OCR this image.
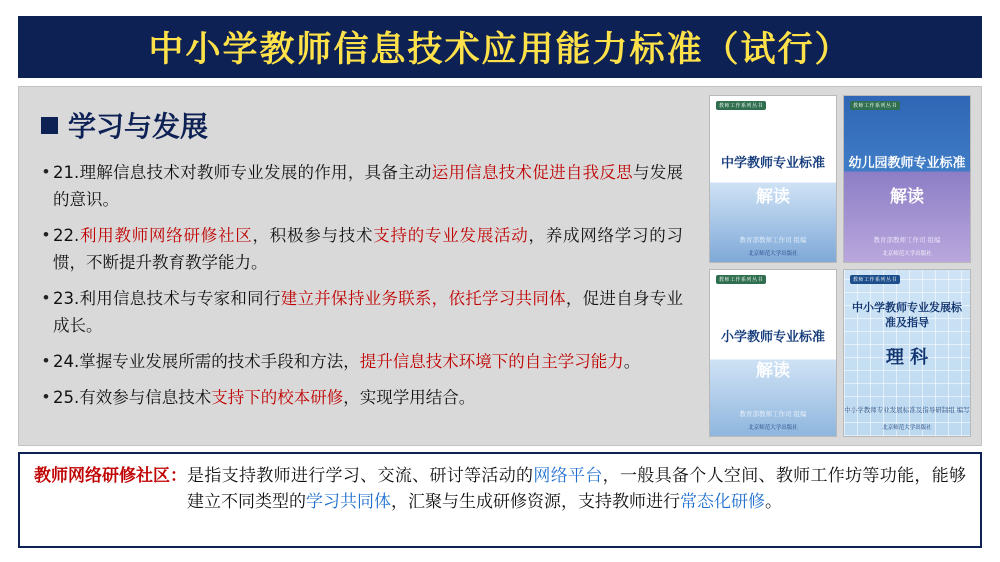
中小学教师信息技术应用能力标准（试行）
学习与发展
• 21.理解信息技术对教师专业发展的作用，具备主动运用信息技术促进自我反思与发展的意识。
• 22.利用教师网络研修社区，积极参与技术支持的专业发展活动，养成网络学习的习惯，不断提升教育教学能力。
• 23.利用信息技术与专家和同行建立并保持业务联系，依托学习共同体，促进自身专业成长。
• 24.掌握专业发展所需的技术手段和方法，提升信息技术环境下的自主学习能力。
• 25.有效参与信息技术支持下的校本研修，实现学用结合。
教师工作系列丛书
中学教师专业标准
解读
教育部教师工作司 组编
北京师范大学出版社
教师工作系列丛书
幼儿园教师专业标准
解读
教育部教师工作司 组编
北京师范大学出版社
教师工作系列丛书
小学教师专业标准
解读
教育部教师工作司 组编
北京师范大学出版社
教师工作系列丛书
中小学教师专业发展标准及指导
理 科
中小学教师专业发展标准及指导研制组 编写
北京师范大学出版社
教师网络研修社区： 是指支持教师进行学习、交流、研讨等活动的网络平台，一般具备个人空间、教师工作坊等功能，能够建立不同类型的学习共同体，汇聚与生成研修资源，支持教师进行常态化研修。
